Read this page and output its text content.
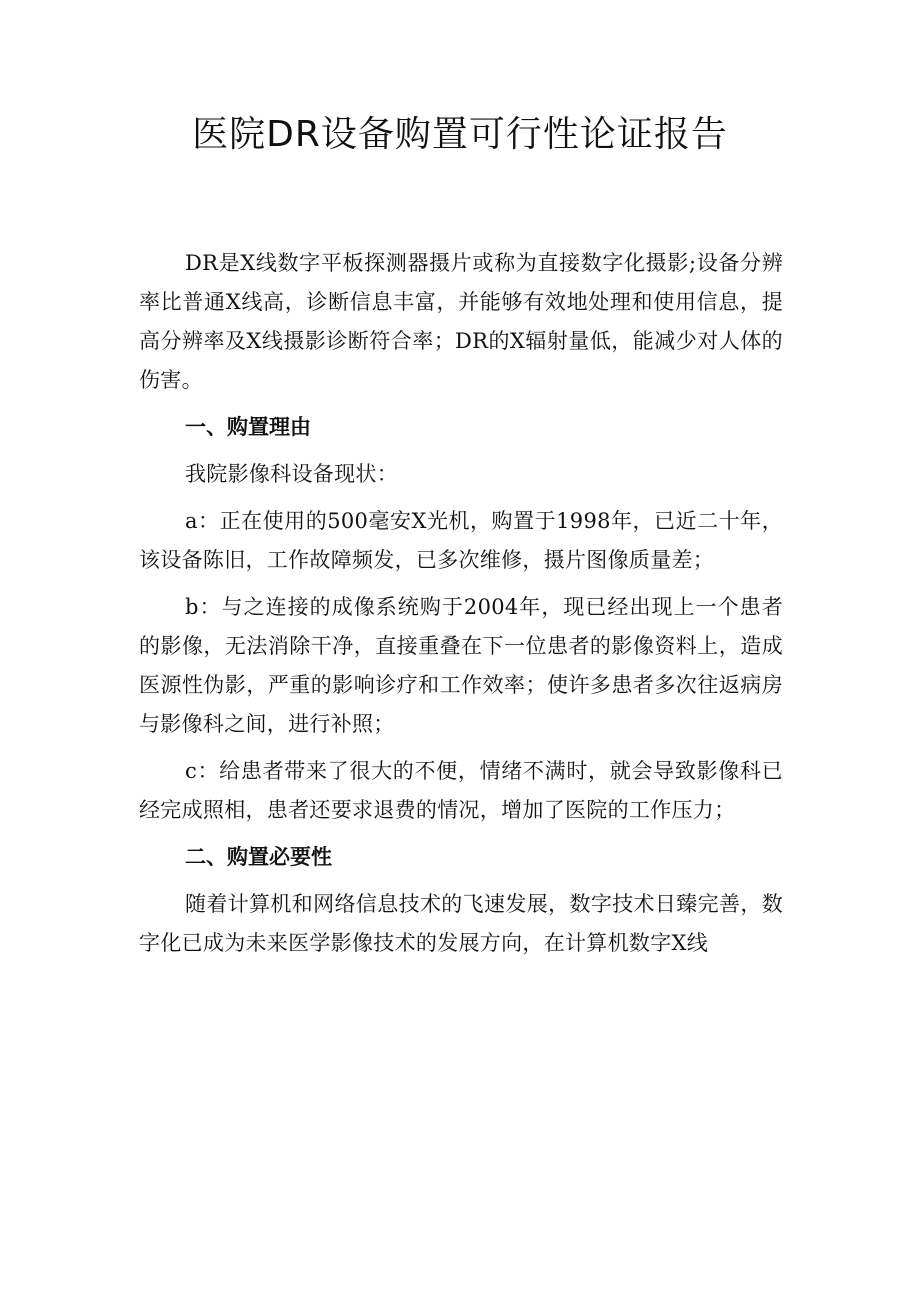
医院DR设备购置可行性论证报告

DR是X线数字平板探测器摄片或称为直接数字化摄影;设备分辨率比普通X线高，诊断信息丰富，并能够有效地处理和使用信息，提高分辨率及X线摄影诊断符合率；DR的X辐射量低，能减少对人体的伤害。

一、购置理由

我院影像科设备现状：

a：正在使用的500毫安X光机，购置于1998年，已近二十年，该设备陈旧，工作故障频发，已多次维修，摄片图像质量差；

b：与之连接的成像系统购于2004年，现已经出现上一个患者的影像，无法消除干净，直接重叠在下一位患者的影像资料上，造成医源性伪影，严重的影响诊疗和工作效率；使许多患者多次往返病房与影像科之间，进行补照；

c：给患者带来了很大的不便，情绪不满时，就会导致影像科已经完成照相，患者还要求退费的情况，增加了医院的工作压力；

二、购置必要性

随着计算机和网络信息技术的飞速发展，数字技术日臻完善，数字化已成为未来医学影像技术的发展方向，在计算机数字X线
